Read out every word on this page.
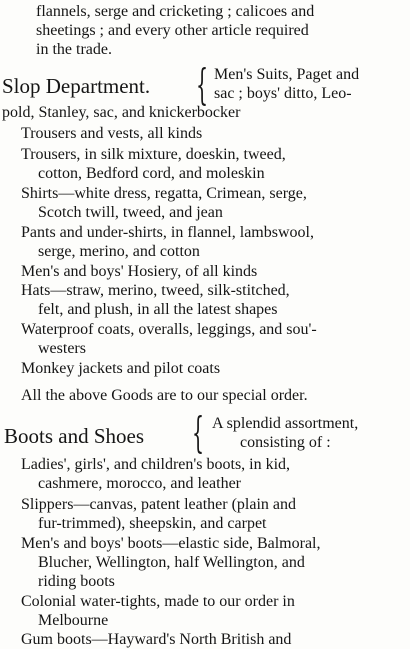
flannels, serge and cricketing ; calicoes and
sheetings ; and every other article required
in the trade.
Slop Department. { Men's Suits, Paget and
sac ; boys' ditto, Leo-
pold, Stanley, sac, and knickerbocker
Trousers and vests, all kinds
Trousers, in silk mixture, doeskin, tweed,
cotton, Bedford cord, and moleskin
Shirts—white dress, regatta, Crimean, serge,
Scotch twill, tweed, and jean
Pants and under-shirts, in flannel, lambswool,
serge, merino, and cotton
Men's and boys' Hosiery, of all kinds
Hats—straw, merino, tweed, silk-stitched,
felt, and plush, in all the latest shapes
Waterproof coats, overalls, leggings, and sou'-
westers
Monkey jackets and pilot coats
All the above Goods are to our special order.
Boots and Shoes { A splendid assortment,
consisting of :
Ladies', girls', and children's boots, in kid,
cashmere, morocco, and leather
Slippers—canvas, patent leather (plain and
fur-trimmed), sheepskin, and carpet
Men's and boys' boots—elastic side, Balmoral,
Blucher, Wellington, half Wellington, and
riding boots
Colonial water-tights, made to our order in
Melbourne
Gum boots—Hayward's North British and
